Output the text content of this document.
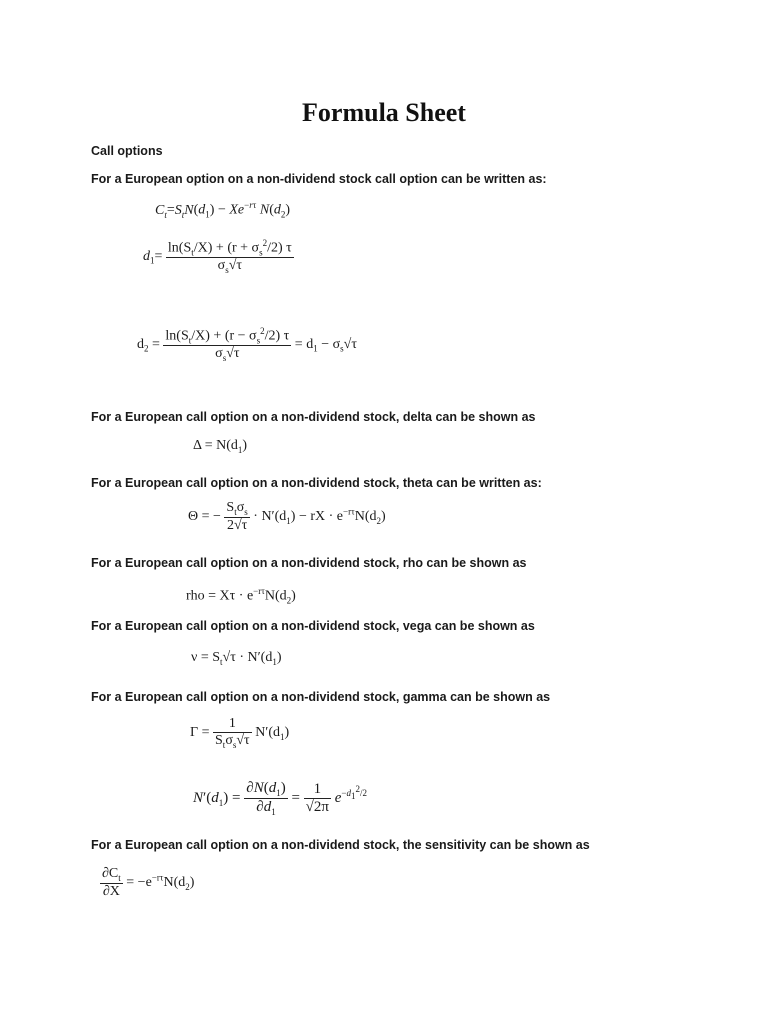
Formula Sheet
Call options
For a European option on a non-dividend stock call option can be written as:
$C_t=S_tN(d_1) - Xe^{-r\tau}$ $N(d_2)$
$d_1= \frac{\ln(S_t/X) + (r + \sigma_s^2/2) \tau}{\sigma_s√\tau}$
$d_2 = \frac{\ln(S_t/X) + (r - \sigma_s^2/2) \tau}{\sigma_s√\tau} = d_1 - \sigma_s√\tau$
For a European call option on a non-dividend stock, delta can be shown as
$\Delta = N(d_1)$
For a European call option on a non-dividend stock, theta can be written as:
Θ = − $\frac{S_t\sigma_s}{2√\tau} \cdot N'(d_1)$ − rX · $e^{-r\tau}N(d_2)$
For a European call option on a non-dividend stock, rho can be shown as
rho = $X\tau \cdot e^{-r\tau}N(d_2)$
For a European call option on a non-dividend stock, vega can be shown as
$\nu = S_t√\tau \cdot N'(d_1)$
For a European call option on a non-dividend stock, gamma can be shown as
$\Gamma = \frac{1}{S_t\sigma_s√\tau} N'(d_1)$
$N'(d_1) = \frac{\partial N(d_1)}{\partial d_1} = \frac{1}{√2\pi} e^{-d_1^2/2}$
For a European call option on a non-dividend stock, the sensitivity can be shown as
$\frac{\partial C_t}{\partial X} = -e^{-r\tau}N(d_2)$
